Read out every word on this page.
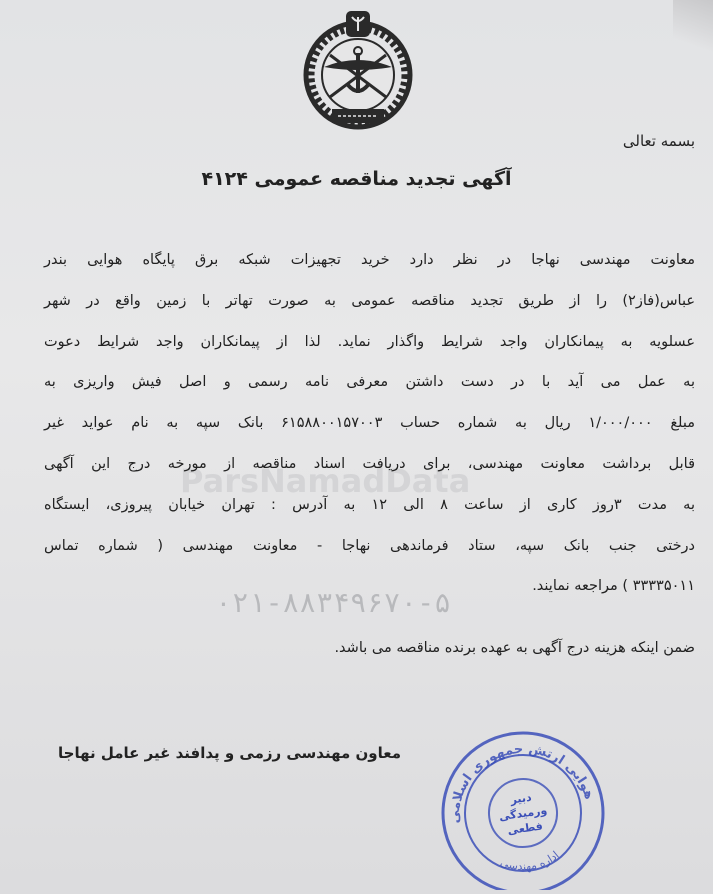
بسمه تعالی
آگهی تجدید مناقصه عمومی ۴۱۲۴
ParsNamadData
معاونت مهندسی نهاجا در نظر دارد خرید تجهیزات شبکه برق پایگاه هوایی بندر
عباس(فاز۲) را از طریق تجدید مناقصه عمومی به صورت تهاتر با زمین واقع در شهر
عسلویه به پیمانکاران واجد شرایط واگذار نماید. لذا از پیمانکاران واجد شرایط دعوت
به عمل می آید با در دست داشتن معرفی نامه رسمی و اصل فیش واریزی به
مبلغ ۱/۰۰۰/۰۰۰ ریال به شماره حساب ۶۱۵۸۸۰۰۱۵۷۰۰۳ بانک سپه به نام عواید غیر
قابل برداشت معاونت مهندسی، برای دریافت اسناد مناقصه از مورخه درج این آگهی
به مدت ۳روز کاری از ساعت ۸ الی ۱۲ به آدرس : تهران خیابان پیروزی، ایستگاه
درختی جنب بانک سپه، ستاد فرماندهی نهاجا - معاونت مهندسی ( شماره تماس
۳۳۳۳۵۰۱۱ ) مراجعه نمایند.
۰۲۱-۸۸۳۴۹۶۷۰-۵
ضمن اینکه هزینه درج آگهی به عهده برنده مناقصه می باشد.
معاون مهندسی رزمی و پدافند غیر عامل نهاجا
هوایی ارتش جمهوری اسلامی
اداره مهندسی
دبیر
ورمیدگی
فطعی
